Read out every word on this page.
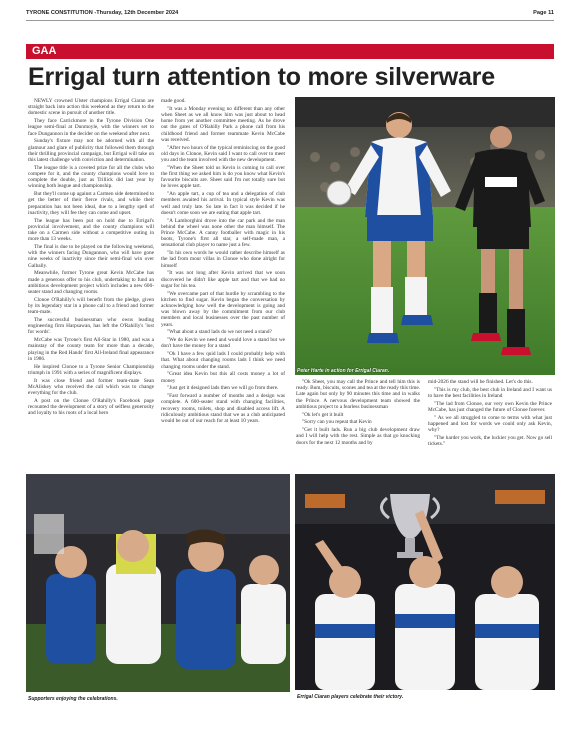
TYRONE CONSTITUTION -Thursday, 12th December 2024	Page 11
GAA
Errigal turn attention to more silverware

NEWLY crowned Ulster champions Errigal Ciaran are straight back into action this weekend as they return to the domestic scene in pursuit of another title.

They face Carrickmore in the Tyrone Division One league semi-final at Dunmoyle, with the winners set to face Dungannon in the decider on the weekend after next.

Sunday's fixture may not be adorned with all the glamour and glare of publicity that followed them through their thrilling provincial campaign, but Errigal will take on this latest challenge with conviction and determination.

The league title is a coveted prize for all the clubs who compete for it, and the county champions would love to complete the double, just as Trillick did last year by winning both league and championship.

But they'll come up against a Carmen side determined to get the better of their fierce rivals, and while their preparation has not been ideal, due to a lengthy spell of inactivity, they will fee they can come and upset.

The league has been put on hold due to Errigal's provincial involvement, and the county champions will take on a Carmen side without a competitive outing in more than 13 weeks.

The final is due to be played on the following weekend, with the winners facing Dungannon, who will have gone nine weeks of inactivity since their semi-final win over Galbally.

Meanwhile, former Tyrone great Kevin McCabe has made a generous offer to his club, undertaking to fund an ambitious development project which includes a new 600-seater stand and changing rooms.

Clonoe O'Rahilly's will benefit from the pledge, given by its legendary star in a phone call to a friend and former team-mate.

The successful businessman who owns leading engineering firm Harpsawan, has left the O'Rahilly's 'lost for words'.

McCabe was Tyrone's first All-Star in 1980, and was a mainstay of the county team for more than a decade, playing in the Red Hands' first All-Ireland final appearance in 1986.

He inspired Clonoe to a Tyrone Senior Championship triumph in 1991 with a series of magnificent displays.

It was close friend and former team-mate Sean McAliskey who received the call which was to change everything for the club.

A post on the Clonoe O'Rahilly's Facebook page recounted the development of a story of selfless generosity and loyalty to his roots of a local hero

made good.

"It was a Monday evening no different than any other when Sheet as we all know him was just about to head home from yet another committee meeting. As he drove out the gates of O'Rahilly Park a phone call from his childhood friend and former teammate Kevin McCabe was received.

"After two hours of the typical reminiscing on the good old days in Clonoe, Kevin said I want to call over to meet you and the team involved with the new development.

"When the Sheet told us Kevin is coming to call over the first thing we asked him is do you know what Kevin's favourite biscuits are. Sheet said I'm not totally sure but he loves apple tart.

"An apple tart, a cup of tea and a delegation of club members awaited his arrival. In typical style Kevin was well and truly late. So late in fact it was decided if he doesn't come soon we are eating that apple tart.

"A Lamborghini drove into the car park and the man behind the wheel was none other the man himself. The Prince McCabe. A canny footballer with magic in his boots, Tyrone's first all star, a self-made man, a sensational club player to name just a few.

"In his own words he would rather describe himself as the lad from mour villas in Clonoe who done alright for himself

"It was not long after Kevin arrived that we soon discovered he didn't like apple tart and that we had no sugar for his tea.

"We overcame part of that hurdle by scrambling to the kitchen to find sugar. Kevin began the conversation by acknowledging how well the development is going and was blown away by the commitment from our club members and local businesses over the past number of years.

"What about a stand lads do we not need a stand?

"We do Kevin we need and would love a stand but we don't have the money for a stand

"Ok I have a few quid lads I could probably help with that. What about changing rooms lads I think we need changing rooms under the stand.

"Great idea Kevin but this all costs money a lot of money

"Just get it designed lads then we will go from there.

"Fast forward a number of months and a design was complete. A 600-seater stand with changing facilities, recovery rooms, toilets, shop and disabled access lift. A ridiculously ambitious stand that we as a club anticipated would be out of our reach for at least 10 years.

Peter Harte in action for Errigal Ciaran.

"Ok Sheet, you may call the Prince and tell him this is ready. Bum, biscuits, scones and tea at the ready this time. Late again but only by 90 minutes this time and in walks the Prince. A nervous development team showed the ambitious project to a fearless businessman

"Ok let's get it built

"Sorry can you repeat that Kevin

"Get it built lads. Run a big club development draw and I will help with the rest. Simple as that go knocking doors for the next 12 months and by

mid-2026 the stand will be finished. Let's do this.

"This is my club, the best club in Ireland and I want us to have the best facilities in Ireland

"The lad from Clonoe, our very own Kevin the Prince McCabe, has just changed the future of Clonoe forever.

" As we all struggled to come to terms with what just happened and lost for words we could only ask Kevin, why?

"The harder you work, the luckier you get. Now go sell tickets."

Supporters enjoying the celebrations.	Errigal Ciaran players celebrate their victory.
